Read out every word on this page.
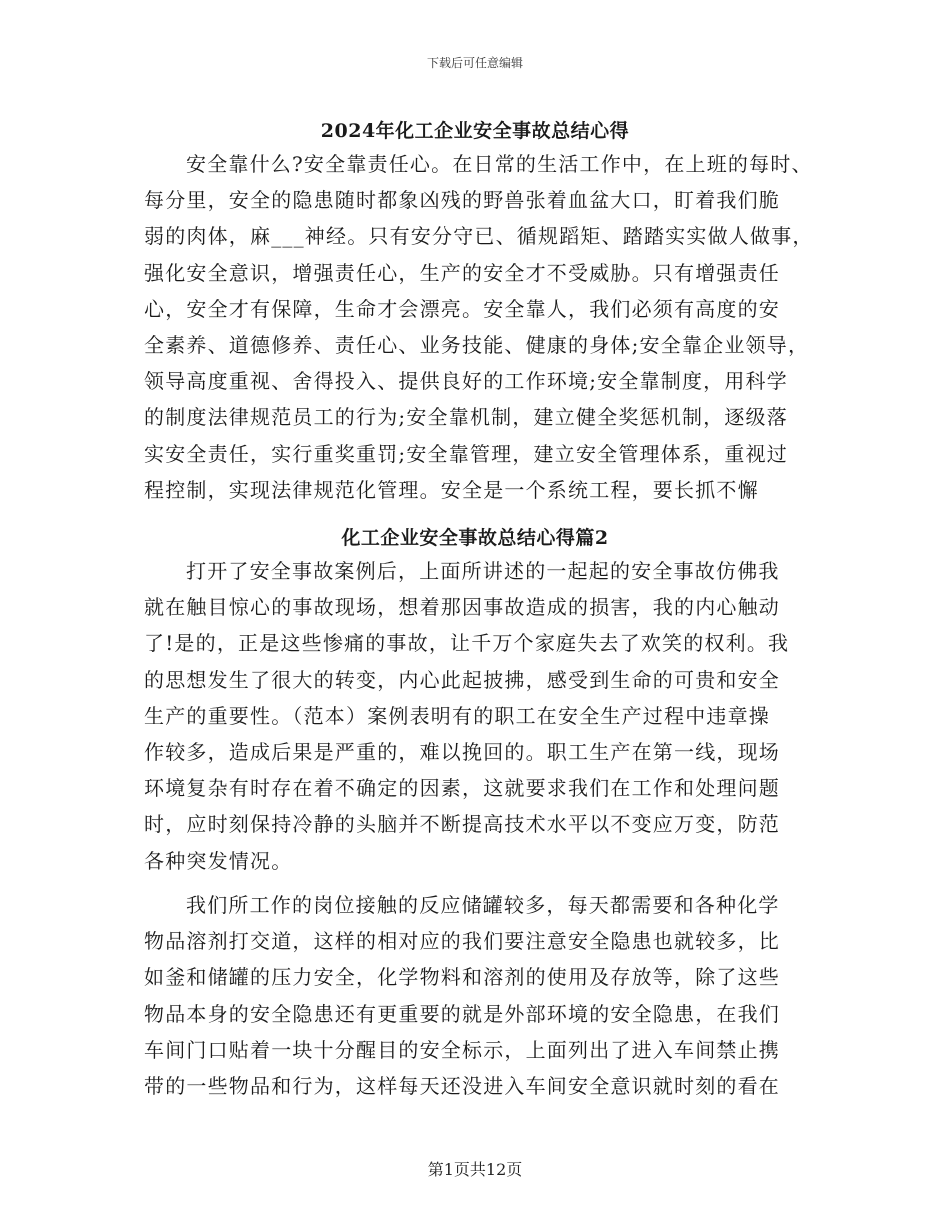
下载后可任意编辑
2024年化工企业安全事故总结心得
安全靠什么?安全靠责任心。在日常的生活工作中，在上班的每时、
每分里，安全的隐患随时都象凶残的野兽张着血盆大口，盯着我们脆
弱的肉体，麻___神经。只有安分守已、循规蹈矩、踏踏实实做人做事，
强化安全意识，增强责任心，生产的安全才不受威胁。只有增强责任
心，安全才有保障，生命才会漂亮。安全靠人，我们必须有高度的安
全素养、道德修养、责任心、业务技能、健康的身体;安全靠企业领导，
领导高度重视、舍得投入、提供良好的工作环境;安全靠制度，用科学
的制度法律规范员工的行为;安全靠机制，建立健全奖惩机制，逐级落
实安全责任，实行重奖重罚;安全靠管理，建立安全管理体系，重视过
程控制，实现法律规范化管理。安全是一个系统工程，要长抓不懈
化工企业安全事故总结心得篇2
打开了安全事故案例后，上面所讲述的一起起的安全事故仿佛我
就在触目惊心的事故现场，想着那因事故造成的损害，我的内心触动
了!是的，正是这些惨痛的事故，让千万个家庭失去了欢笑的权利。我
的思想发生了很大的转变，内心此起披拂，感受到生命的可贵和安全
生产的重要性。（范本）案例表明有的职工在安全生产过程中违章操
作较多，造成后果是严重的，难以挽回的。职工生产在第一线，现场
环境复杂有时存在着不确定的因素，这就要求我们在工作和处理问题
时，应时刻保持冷静的头脑并不断提高技术水平以不变应万变，防范
各种突发情况。
我们所工作的岗位接触的反应储罐较多，每天都需要和各种化学
物品溶剂打交道，这样的相对应的我们要注意安全隐患也就较多，比
如釜和储罐的压力安全，化学物料和溶剂的使用及存放等，除了这些
物品本身的安全隐患还有更重要的就是外部环境的安全隐患，在我们
车间门口贴着一块十分醒目的安全标示，上面列出了进入车间禁止携
带的一些物品和行为，这样每天还没进入车间安全意识就时刻的看在
第1页共12页
